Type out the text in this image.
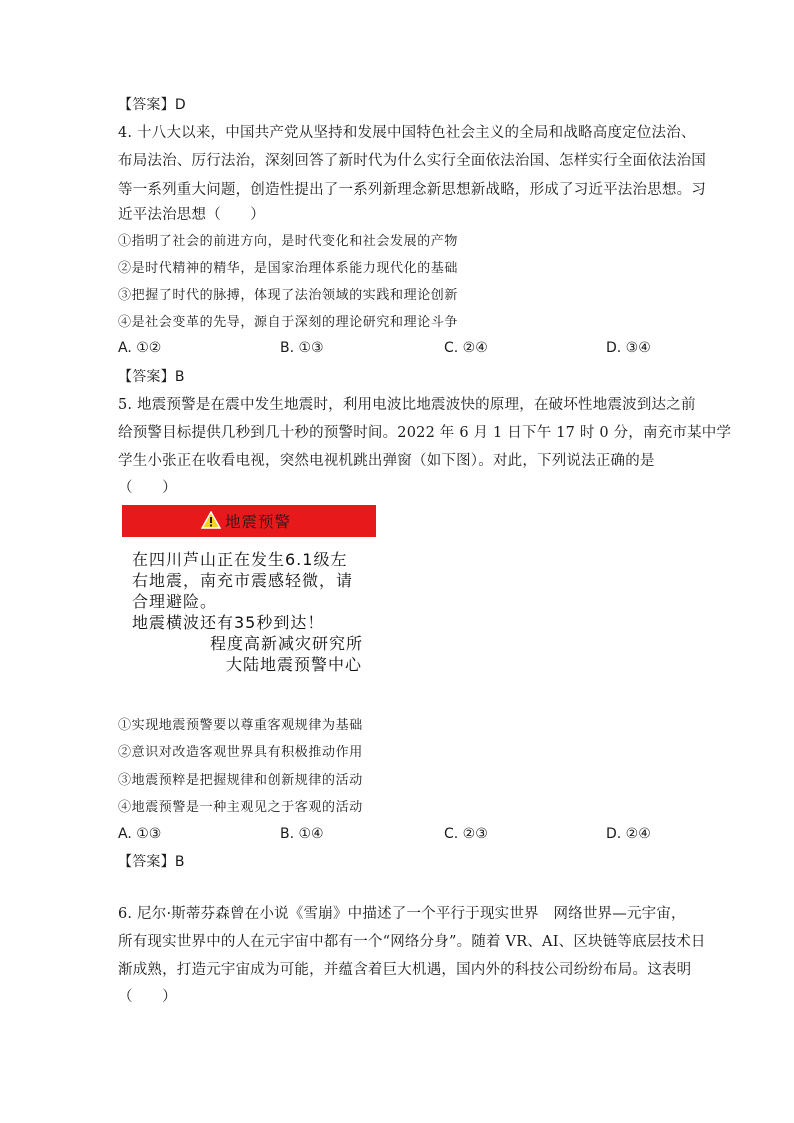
【答案】D
4. 十八大以来，中国共产党从坚持和发展中国特色社会主义的全局和战略高度定位法治、
布局法治、厉行法治，深刻回答了新时代为什么实行全面依法治国、怎样实行全面依法治国
等一系列重大问题，创造性提出了一系列新理念新思想新战略，形成了习近平法治思想。习
近平法治思想（　　）
①指明了社会的前进方向，是时代变化和社会发展的产物
②是时代精神的精华，是国家治理体系能力现代化的基础
③把握了时代的脉搏，体现了法治领域的实践和理论创新
④是社会变革的先导，源自于深刻的理论研究和理论斗争
A. ①②	B. ①③	C. ②④	D. ③④
【答案】B
5. 地震预警是在震中发生地震时，利用电波比地震波快的原理，在破坏性地震波到达之前
给预警目标提供几秒到几十秒的预警时间。2022 年 6 月 1 日下午 17 时 0 分，南充市某中学
学生小张正在收看电视，突然电视机跳出弹窗（如下图）。对此，下列说法正确的是
（　　）
地震预警
在四川芦山正在发生6.1级左
右地震，南充市震感轻微，请
合理避险。
地震横波还有35秒到达！
程度高新减灾研究所
大陆地震预警中心
①实现地震预警要以尊重客观规律为基础
②意识对改造客观世界具有积极推动作用
③地震预粹是把握规律和创新规律的活动
④地震预警是一种主观见之于客观的活动
A. ①③	B. ①④	C. ②③	D. ②④
【答案】B
6. 尼尔·斯蒂芬森曾在小说《雪崩》中描述了一个平行于现实世界　网络世界—元宇宙，
所有现实世界中的人在元宇宙中都有一个“网络分身”。随着 VR、AI、区块链等底层技术日
渐成熟，打造元宇宙成为可能，并蕴含着巨大机遇，国内外的科技公司纷纷布局。这表明
（　　）
